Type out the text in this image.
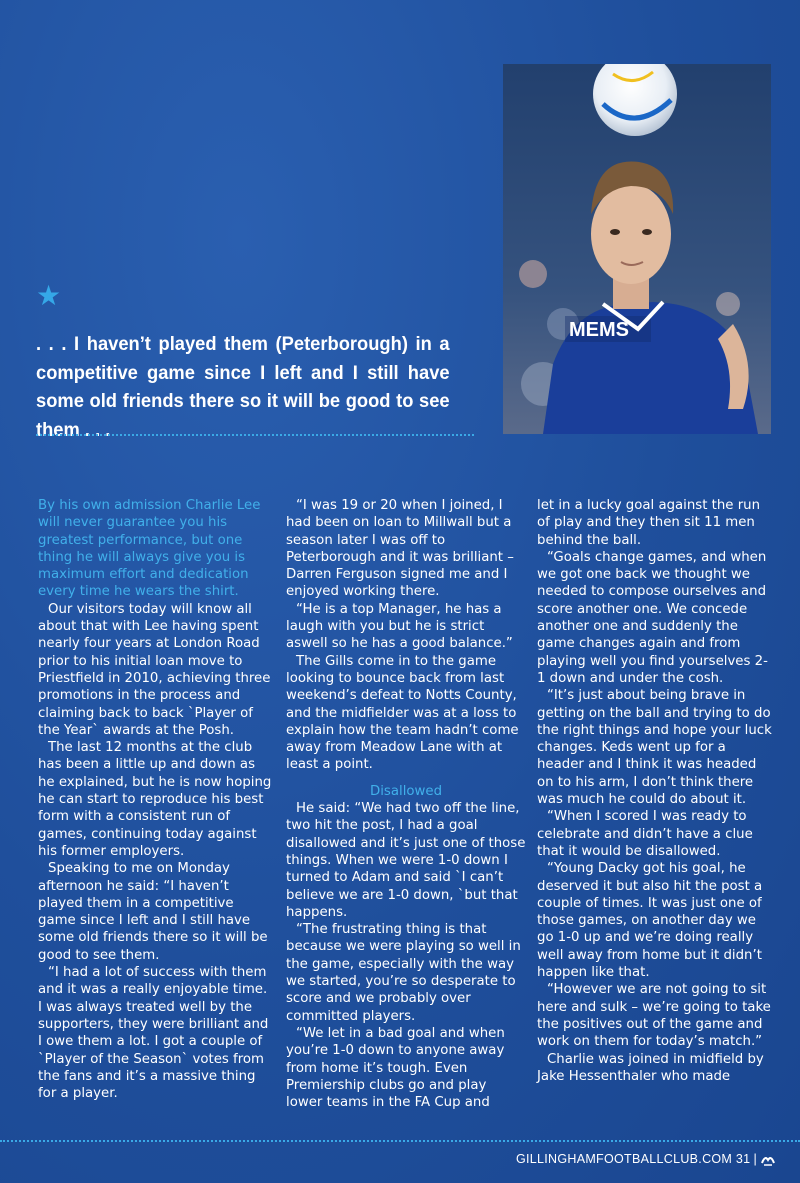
MEMS
★
. . . I haven’t played them (Peterborough) in a competitive game since I left and I still have some old friends there so it will be good to see them . . .

By his own admission Charlie Lee will never guarantee you his greatest performance, but one thing he will always give you is maximum effort and dedication every time he wears the shirt.

Our visitors today will know all about that with Lee having spent nearly four years at London Road prior to his initial loan move to Priestfield in 2010, achieving three promotions in the process and claiming back to back `Player of the Year` awards at the Posh.

The last 12 months at the club has been a little up and down as he explained, but he is now hoping he can start to reproduce his best form with a consistent run of games, continuing today against his former employers.

Speaking to me on Monday afternoon he said: “I haven’t played them in a competitive game since I left and I still have some old friends there so it will be good to see them.

“I had a lot of success with them and it was a really enjoyable time. I was always treated well by the supporters, they were brilliant and I owe them a lot. I got a couple of `Player of the Season` votes from the fans and it’s a massive thing for a player.

“I was 19 or 20 when I joined, I had been on loan to Millwall but a season later I was off to Peterborough and it was brilliant – Darren Ferguson signed me and I enjoyed working there.

“He is a top Manager, he has a laugh with you but he is strict aswell so he has a good balance.”

The Gills come in to the game looking to bounce back from last weekend’s defeat to Notts County, and the midfielder was at a loss to explain how the team hadn’t come away from Meadow Lane with at least a point.

Disallowed

He said: “We had two off the line, two hit the post, I had a goal disallowed and it’s just one of those things. When we were 1-0 down I turned to Adam and said `I can’t believe we are 1-0 down, `but that happens.

“The frustrating thing is that because we were playing so well in the game, especially with the way we started, you’re so desperate to score and we probably over committed players.

“We let in a bad goal and when you’re 1-0 down to anyone away from home it’s tough. Even Premiership clubs go and play lower teams in the FA Cup and

let in a lucky goal against the run of play and they then sit 11 men behind the ball.

“Goals change games, and when we got one back we thought we needed to compose ourselves and score another one. We concede another one and suddenly the game changes again and from playing well you find yourselves 2-1 down and under the cosh.

“It’s just about being brave in getting on the ball and trying to do the right things and hope your luck changes. Keds went up for a header and I think it was headed on to his arm, I don’t think there was much he could do about it.

“When I scored I was ready to celebrate and didn’t have a clue that it would be disallowed.

“Young Dacky got his goal, he deserved it but also hit the post a couple of times. It was just one of those games, on another day we go 1-0 up and we’re doing really well away from home but it didn’t happen like that.

“However we are not going to sit here and sulk – we’re going to take the positives out of the game and work on them for today’s match.”

Charlie was joined in midfield by Jake Hessenthaler who made

GILLINGHAMFOOTBALLCLUB.COM 31 |
